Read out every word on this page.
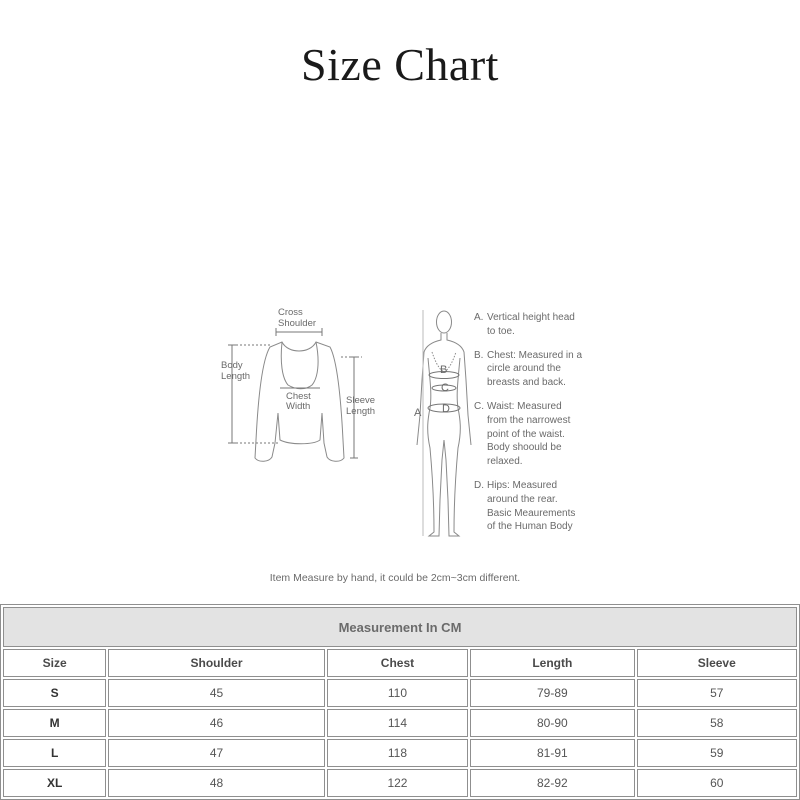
Size Chart
Cross
Shoulder
Body
Length
Chest
Width
Sleeve
Length
B
C
D
A
A. Vertical height head
to toe.
B. Chest: Measured in a
circle around the
breasts and back.
C. Waist: Measured
from the narrowest
point of the waist.
Body shoould be
relaxed.
D. Hips: Measured
around the rear.
Basic Meaurements
of the Human Body
Item Measure by hand, it could be 2cm~3cm different.
Measurement In CM				
Size	Shoulder	Chest	Length	Sleeve
S	45	110	79-89	57
M	46	114	80-90	58
L	47	118	81-91	59
XL	48	122	82-92	60
